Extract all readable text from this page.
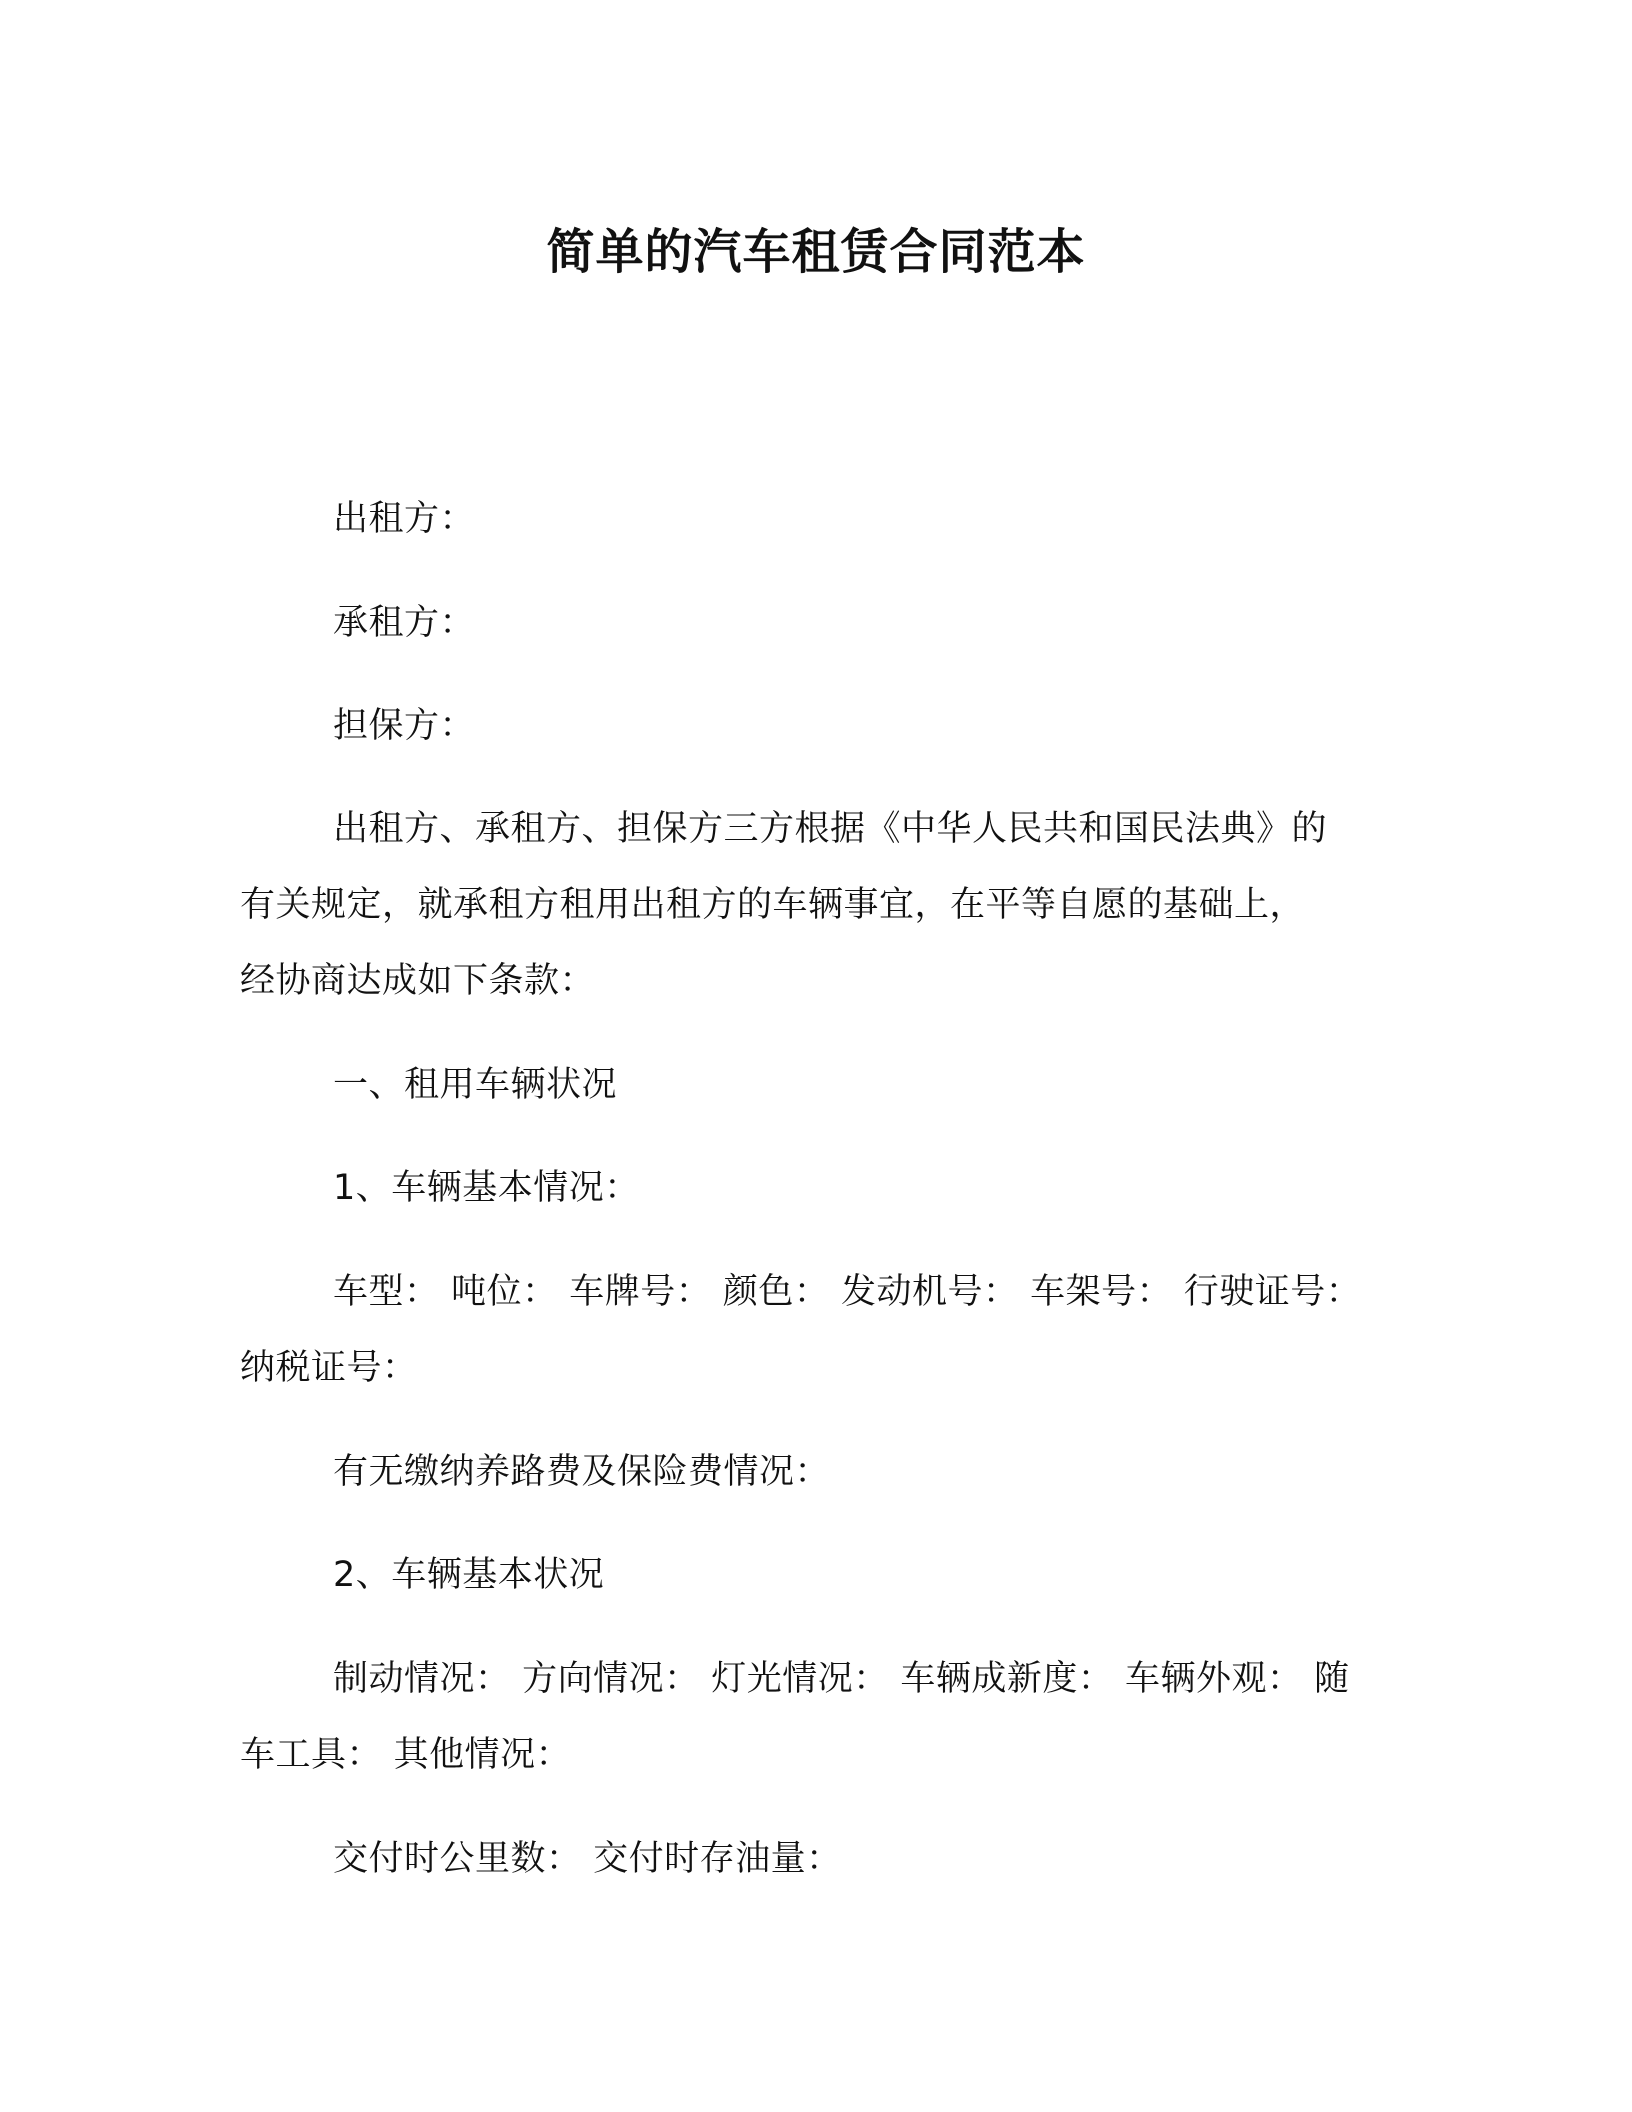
简单的汽车租赁合同范本

出租方：

承租方：

担保方：

出租方、承租方、担保方三方根据《中华人民共和国民法典》的

有关规定，就承租方租用出租方的车辆事宜，在平等自愿的基础上，

经协商达成如下条款：

一、租用车辆状况

1、车辆基本情况：

车型： 吨位： 车牌号： 颜色： 发动机号： 车架号： 行驶证号：

纳税证号：

有无缴纳养路费及保险费情况：

2、车辆基本状况

制动情况： 方向情况： 灯光情况： 车辆成新度： 车辆外观： 随

车工具： 其他情况：

交付时公里数： 交付时存油量：
